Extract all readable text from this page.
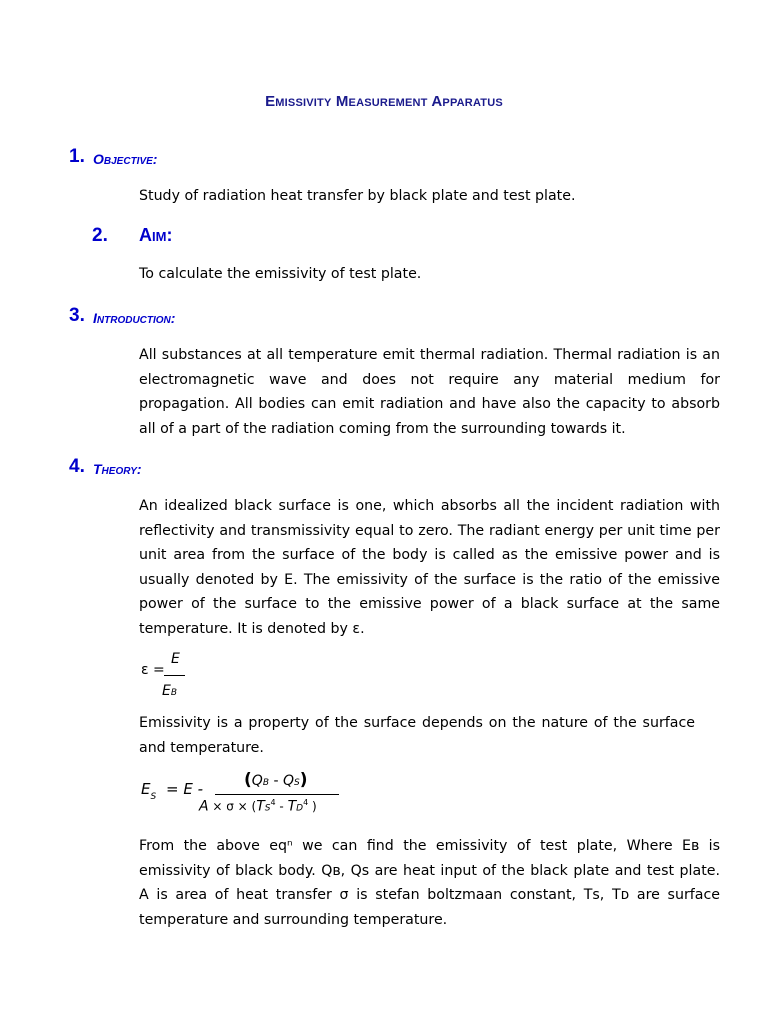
Emissivity Measurement Apparatus
1. Objective:
Study of radiation heat transfer by black plate and test plate.
2. Aim:
To calculate the emissivity of test plate.
3. Introduction:
All substances at all temperature emit thermal radiation. Thermal radiation is an electromagnetic wave and does not require any material medium for propagation. All bodies can emit radiation and have also the capacity to absorb all of a part of the radiation coming from the surrounding towards it.
4. Theory:
An idealized black surface is one, which absorbs all the incident radiation with reflectivity and transmissivity equal to zero. The radiant energy per unit time per unit area from the surface of the body is called as the emissive power and is usually denoted by E. The emissivity of the surface is the ratio of the emissive power of the surface to the emissive power of a black surface at the same temperature. It is denoted by ε.
ε =
E
EB
Emissivity is a property of the surface depends on the nature of the surface and temperature.
$E_S = E - (QB - QS)$
$A \times \sigma \times (TS^4 - TD^4$ )
From the above eqⁿ we can find the emissivity of test plate, Where Eʙ is emissivity of black body. Qʙ, Qꜱ are heat input of the black plate and test plate. A is area of heat transfer σ is stefan boltzmaan constant, Tꜱ, Tᴅ are surface temperature and surrounding temperature.
